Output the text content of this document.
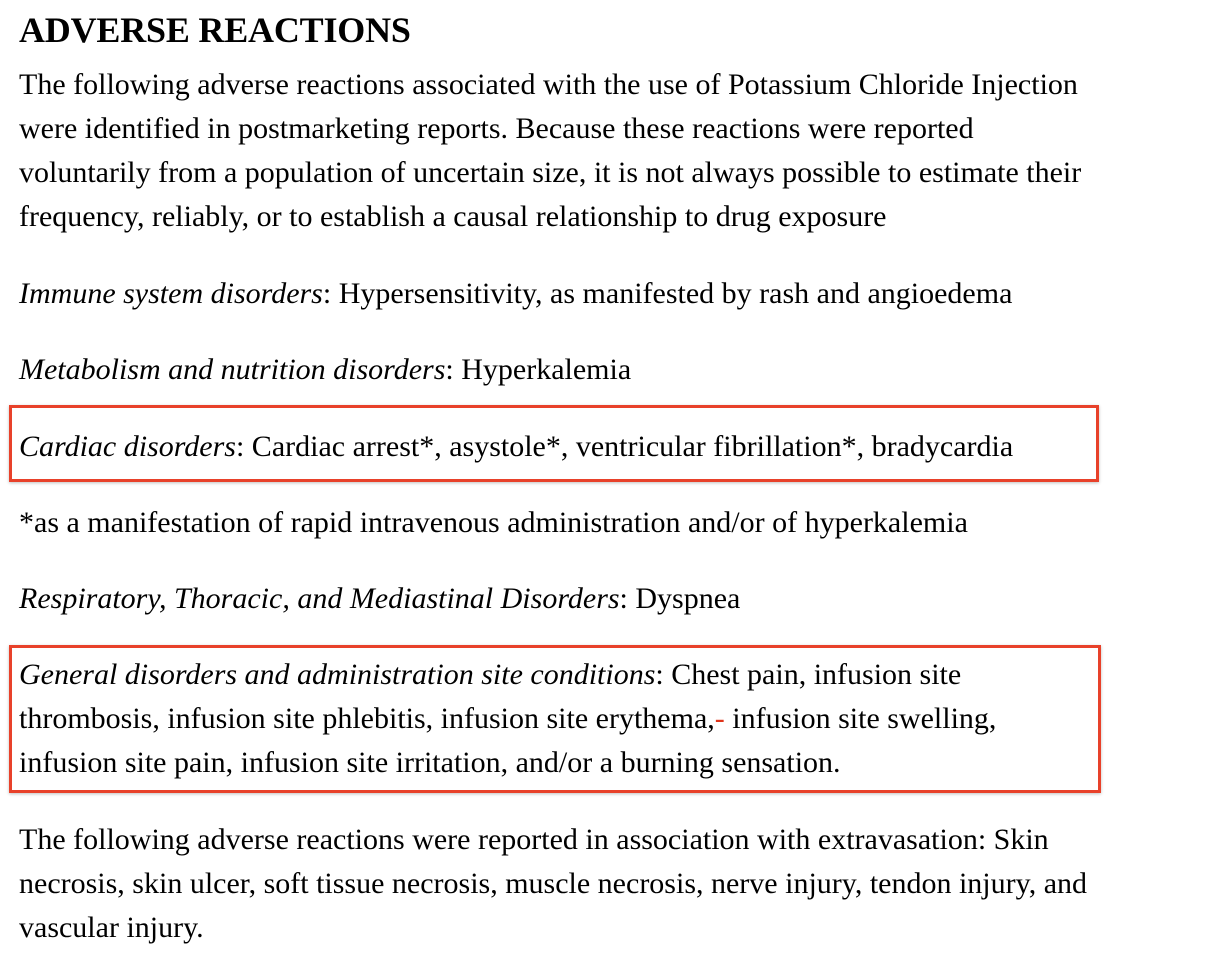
ADVERSE REACTIONS

The following adverse reactions associated with the use of Potassium Chloride Injection
were identified in postmarketing reports. Because these reactions were reported
voluntarily from a population of uncertain size, it is not always possible to estimate their
frequency, reliably, or to establish a causal relationship to drug exposure

Immune system disorders: Hypersensitivity, as manifested by rash and angioedema

Metabolism and nutrition disorders: Hyperkalemia

Cardiac disorders: Cardiac arrest*, asystole*, ventricular fibrillation*, bradycardia

*as a manifestation of rapid intravenous administration and/or of hyperkalemia

Respiratory, Thoracic, and Mediastinal Disorders: Dyspnea

General disorders and administration site conditions: Chest pain, infusion site
thrombosis, infusion site phlebitis, infusion site erythema,- infusion site swelling,
infusion site pain, infusion site irritation, and/or a burning sensation.

The following adverse reactions were reported in association with extravasation: Skin
necrosis, skin ulcer, soft tissue necrosis, muscle necrosis, nerve injury, tendon injury, and
vascular injury.
